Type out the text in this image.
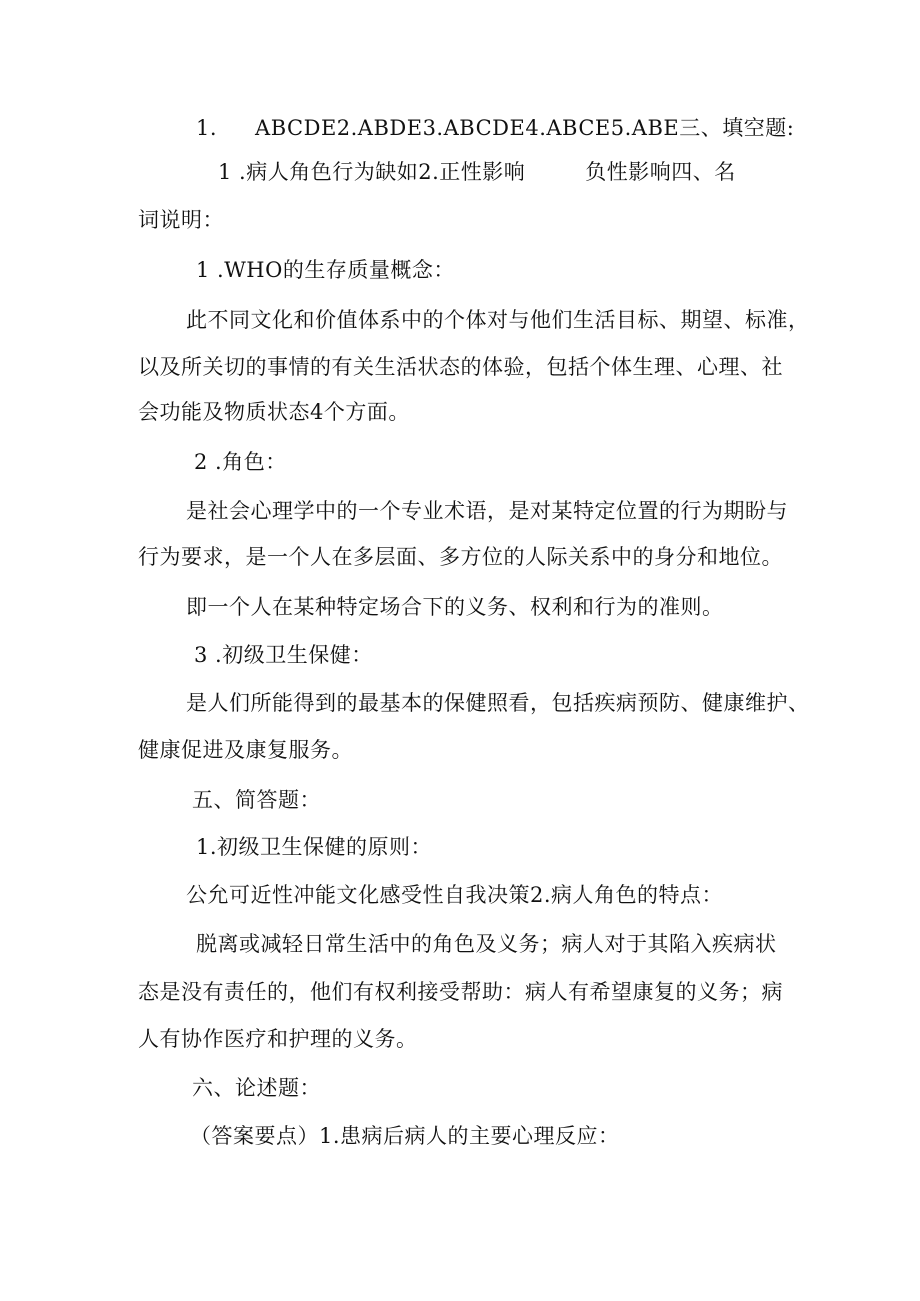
1. ABCDE2.ABDE3.ABCDE4.ABCE5.ABE三、填空题:
1 .病人角色行为缺如2.正性影响	负性影响四、名
词说明：
1 .WHO的生存质量概念：
此不同文化和价值体系中的个体对与他们生活目标、期望、标准，
以及所关切的事情的有关生活状态的体验，包括个体生理、心理、社
会功能及物质状态4个方面。
2 .角色：
是社会心理学中的一个专业术语，是对某特定位置的行为期盼与
行为要求，是一个人在多层面、多方位的人际关系中的身分和地位。
即一个人在某种特定场合下的义务、权利和行为的准则。
3 .初级卫生保健：
是人们所能得到的最基本的保健照看，包括疾病预防、健康维护、
健康促进及康复服务。
五、简答题：
1.初级卫生保健的原则：
公允可近性冲能文化感受性自我决策2.病人角色的特点：
脱离或减轻日常生活中的角色及义务；病人对于其陷入疾病状
态是没有责任的，他们有权利接受帮助：病人有希望康复的义务；病
人有协作医疗和护理的义务。
六、论述题：
（答案要点）1.患病后病人的主要心理反应：
